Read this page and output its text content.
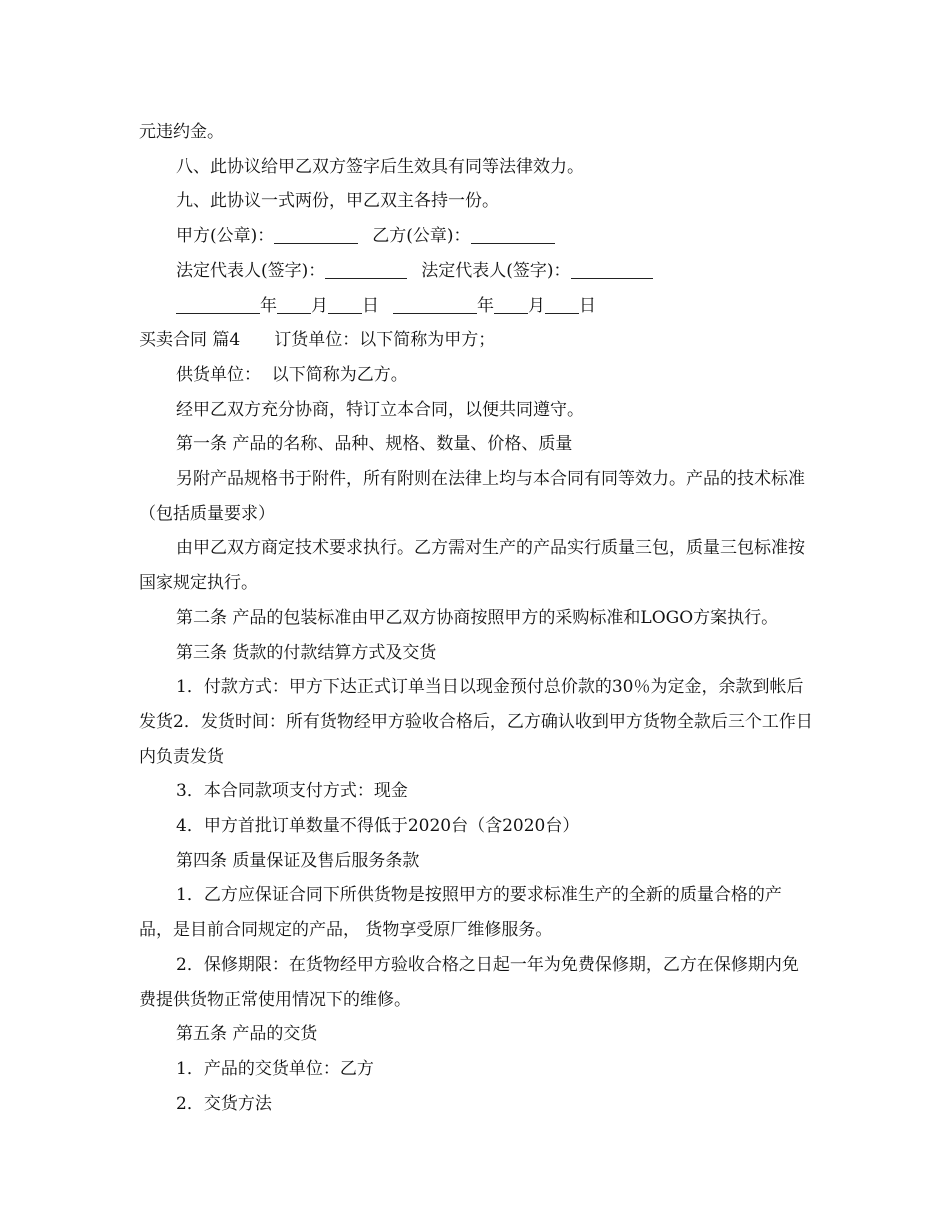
元违约金。

八、此协议给甲乙双方签字后生效具有同等法律效力。

九、此协议一式两份，甲乙双主各持一份。

甲方(公章)：	乙方(公章)：

法定代表人(签字)：	法定代表人(签字)：

年 月 日	年 月 日

买卖合同 篇4 订货单位：以下简称为甲方；

供货单位：  以下简称为乙方。

经甲乙双方充分协商，特订立本合同，以便共同遵守。

第一条 产品的名称、品种、规格、数量、价格、质量

另附产品规格书于附件，所有附则在法律上均与本合同有同等效力。产品的技术标准（包括质量要求）

由甲乙双方商定技术要求执行。乙方需对生产的产品实行质量三包，质量三包标准按国家规定执行。

第二条 产品的包装标准由甲乙双方协商按照甲方的采购标准和LOGO方案执行。

第三条 货款的付款结算方式及交货

1．付款方式：甲方下达正式订单当日以现金预付总价款的30％为定金，余款到帐后发货2．发货时间：所有货物经甲方验收合格后，乙方确认收到甲方货物全款后三个工作日内负责发货

3．本合同款项支付方式：现金

4．甲方首批订单数量不得低于2020台（含2020台）

第四条 质量保证及售后服务条款

1．乙方应保证合同下所供货物是按照甲方的要求标准生产的全新的质量合格的产品，是目前合同规定的产品， 货物享受原厂维修服务。

2．保修期限：在货物经甲方验收合格之日起一年为免费保修期，乙方在保修期内免费提供货物正常使用情况下的维修。

第五条 产品的交货

1．产品的交货单位：乙方

2．交货方法
